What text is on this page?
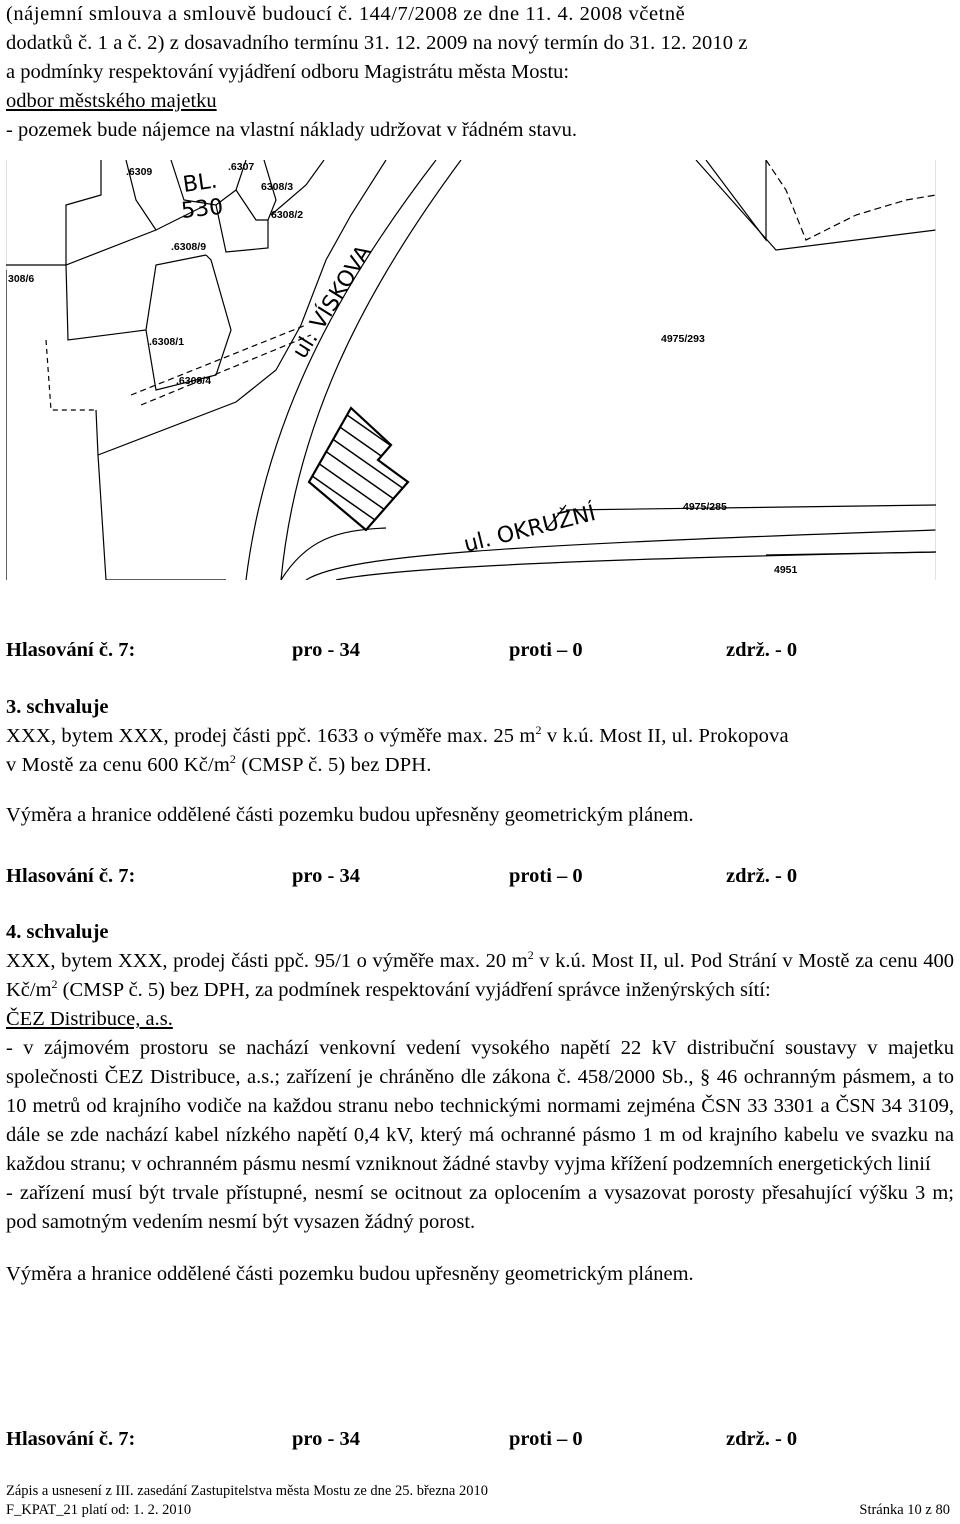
(nájemní smlouva a smlouvě budoucí č. 144/7/2008 ze dne 11. 4. 2008 včetně

dodatků č. 1 a č. 2) z dosavadního termínu 31. 12. 2009 na nový termín do 31. 12. 2010 z

a podmínky respektování vyjádření odboru Magistrátu města Mostu:

odbor městského majetku

- pozemek bude nájemce na vlastní náklady udržovat v řádném stavu.

.6309	.6307
6308/3
6308/2
.6308/9
308/6
.6308/1
.6308/4
4975/293
4975/285
4951
BL.
530
ul. VÍSKOVA
ul. OKRUŽNÍ
Hlasování č. 7:	pro - 34	proti – 0	zdrž. - 0

3. schvaluje

XXX, bytem XXX, prodej části ppč. 1633 o výměře max. 25 $m^2$ v k.ú. Most II, ul. Prokopova
v Mostě za cenu 600 $Kč/m^2$ (CMSP č. 5) bez DPH.

Výměra a hranice oddělené části pozemku budou upřesněny geometrickým plánem.

Hlasování č. 7:	pro - 34	proti – 0	zdrž. - 0

4. schvaluje

XXX, bytem XXX, prodej části ppč. 95/1 o výměře max. 20 $m^2$ v k.ú. Most II, ul. Pod Strání v Mostě za cenu 400 $Kč/m^2$ (CMSP č. 5) bez DPH, za podmínek respektování vyjádření správce inženýrských sítí:

ČEZ Distribuce, a.s.

- v zájmovém prostoru se nachází venkovní vedení vysokého napětí 22 kV distribuční soustavy v majetku společnosti ČEZ Distribuce, a.s.; zařízení je chráněno dle zákona č. 458/2000 Sb., § 46 ochranným pásmem, a to 10 metrů od krajního vodiče na každou stranu nebo technickými normami zejména ČSN 33 3301 a ČSN 34 3109, dále se zde nachází kabel nízkého napětí 0,4 kV, který má ochranné pásmo 1 m od krajního kabelu ve svazku na každou stranu; v ochranném pásmu nesmí vzniknout žádné stavby vyjma křížení podzemních energetických linií

- zařízení musí být trvale přístupné, nesmí se ocitnout za oplocením a vysazovat porosty přesahující výšku 3 m; pod samotným vedením nesmí být vysazen žádný porost.

Výměra a hranice oddělené části pozemku budou upřesněny geometrickým plánem.

Hlasování č. 7:	pro - 34	proti – 0	zdrž. - 0
Zápis a usnesení z III. zasedání Zastupitelstva města Mostu ze dne 25. března 2010
F_KPAT_21 platí od: 1. 2. 2010	Stránka 10 z 80
